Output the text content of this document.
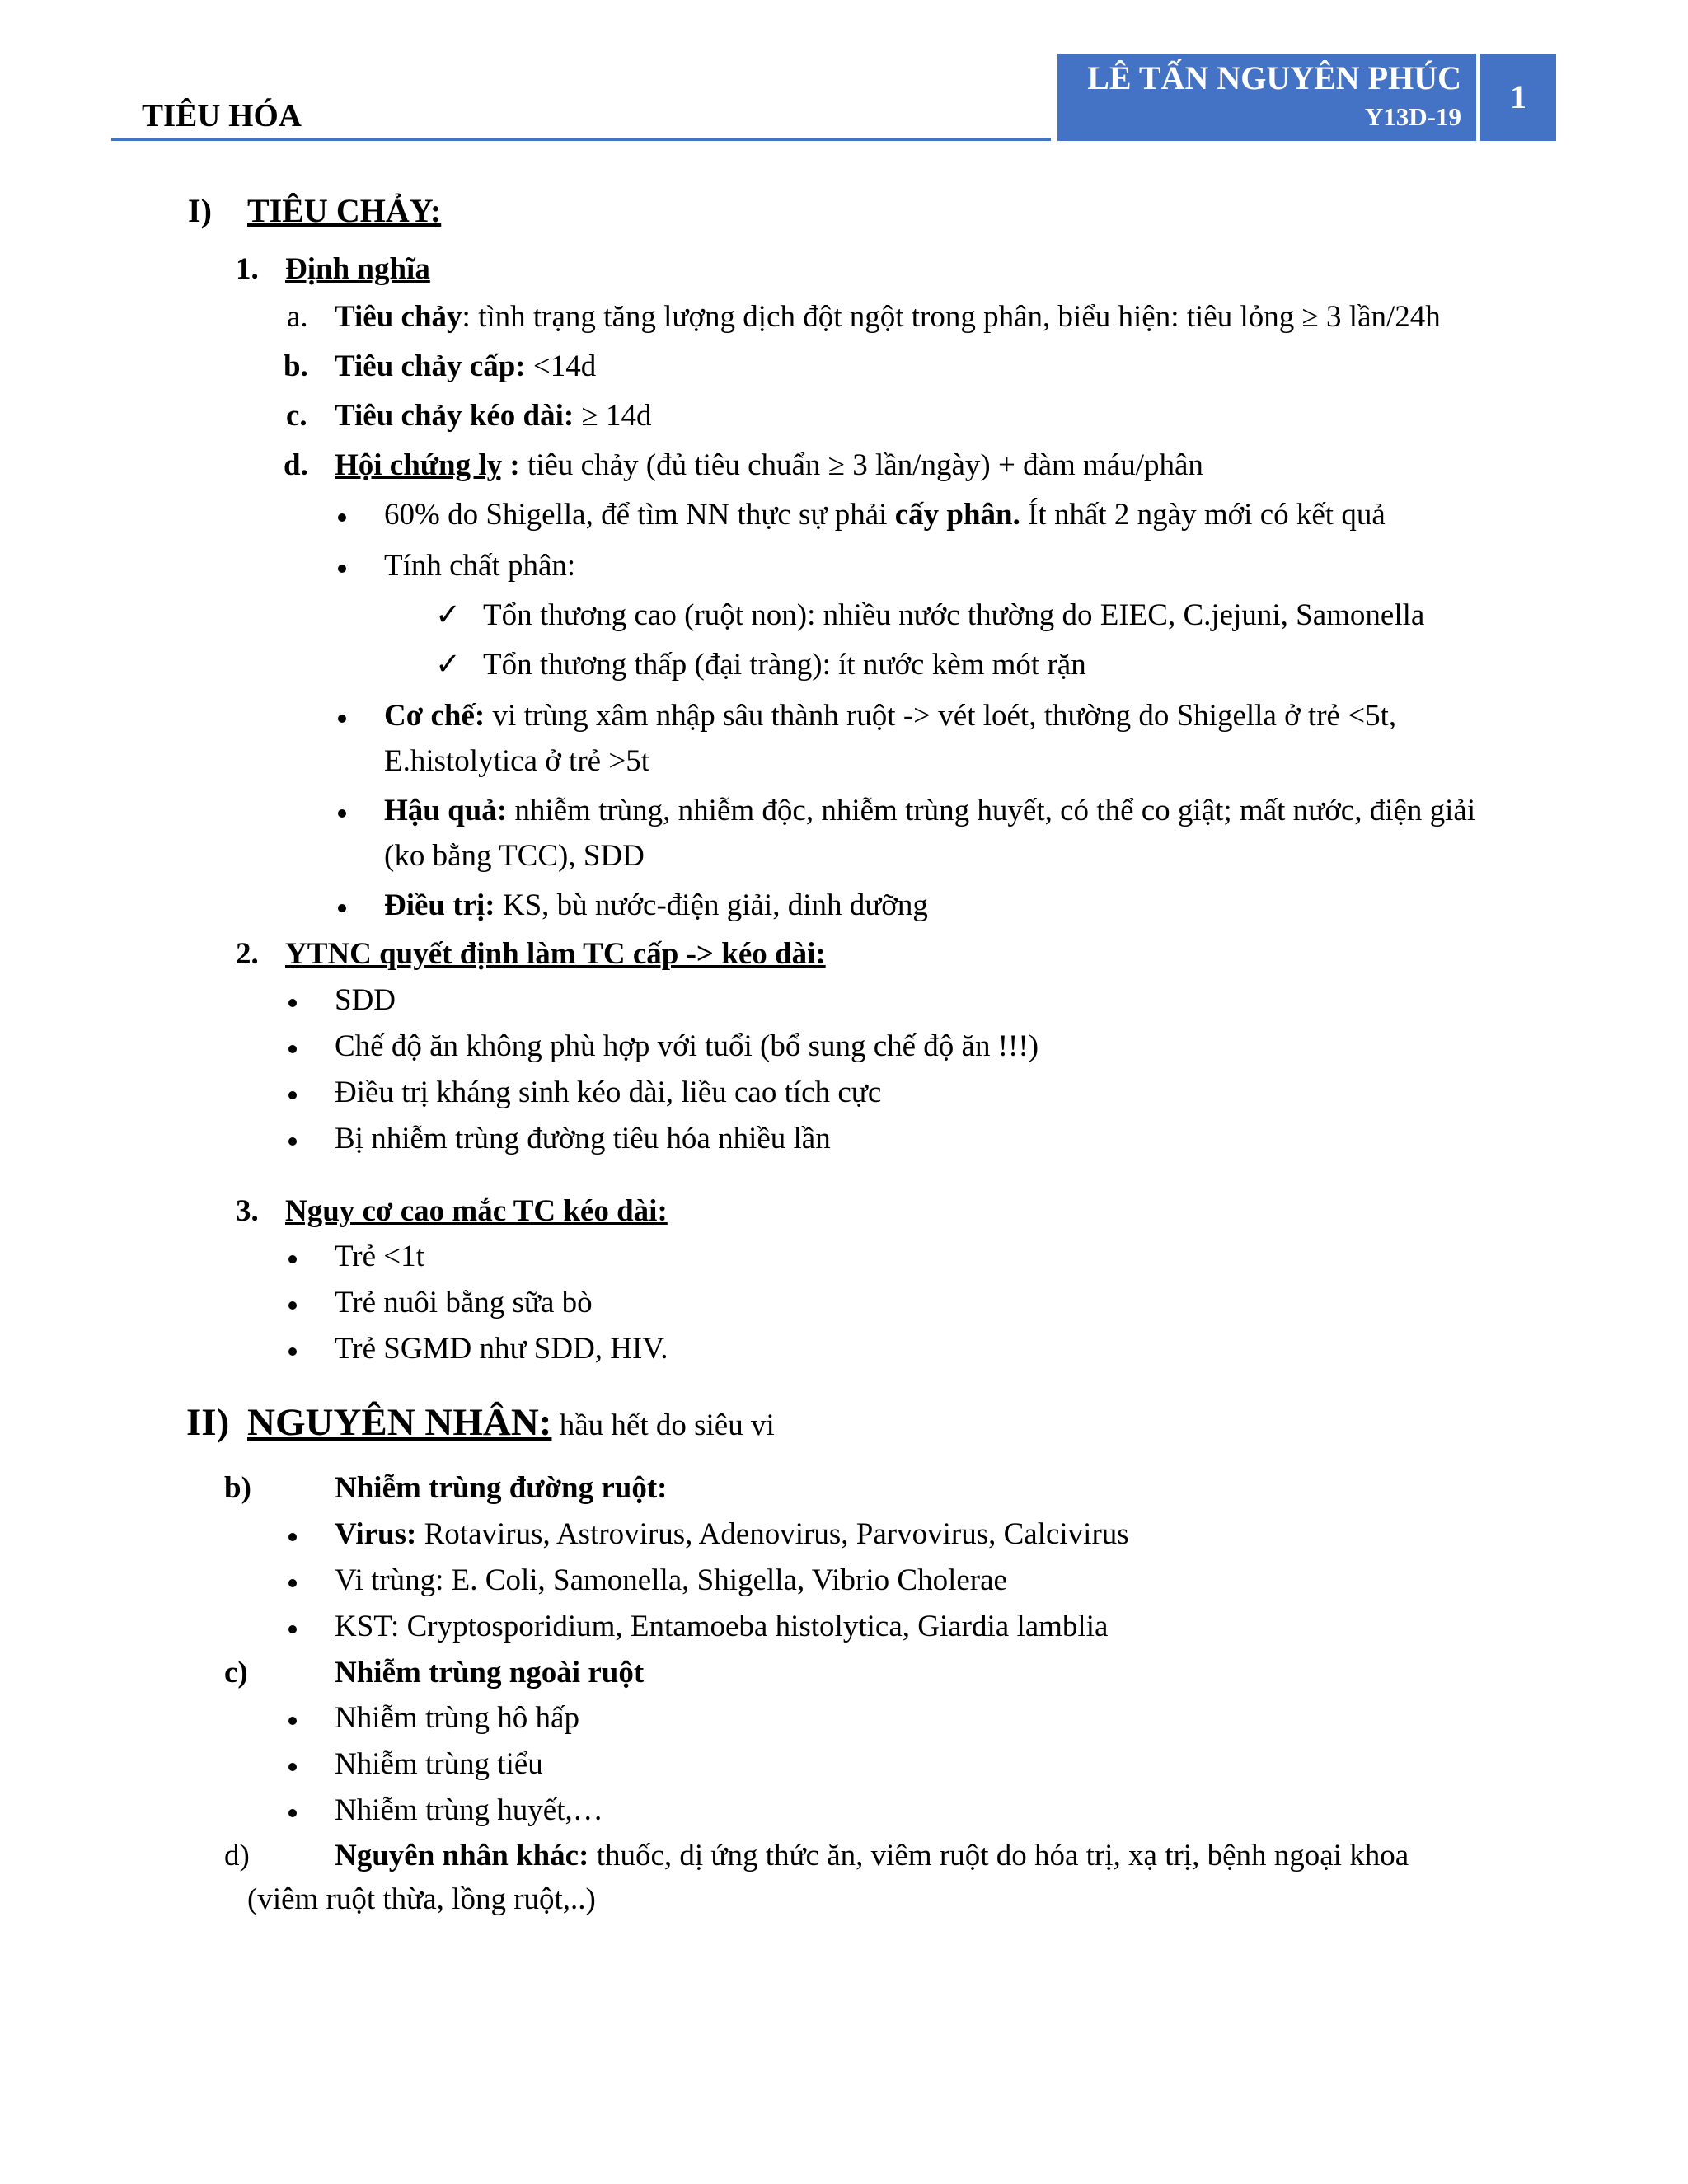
TIÊU HÓA
LÊ TẤN NGUYÊN PHÚC
Y13D-19
1
I) TIÊU CHẢY:
1. Định nghĩa
a. Tiêu chảy: tình trạng tăng lượng dịch đột ngột trong phân, biểu hiện: tiêu lỏng ≥ 3 lần/24h
b. Tiêu chảy cấp: <14d
c. Tiêu chảy kéo dài: ≥ 14d
d. Hội chứng lỵ : tiêu chảy (đủ tiêu chuẩn ≥ 3 lần/ngày) + đàm máu/phân
60% do Shigella, để tìm NN thực sự phải cấy phân. Ít nhất 2 ngày mới có kết quả
Tính chất phân:
✓ Tổn thương cao (ruột non): nhiều nước thường do EIEC, C.jejuni, Samonella
✓ Tổn thương thấp (đại tràng): ít nước kèm mót rặn
Cơ chế: vi trùng xâm nhập sâu thành ruột -> vét loét, thường do Shigella ở trẻ <5t,
E.histolytica ở trẻ >5t
Hậu quả: nhiễm trùng, nhiễm độc, nhiễm trùng huyết, có thể co giật; mất nước, điện giải
(ko bằng TCC), SDD
Điều trị: KS, bù nước-điện giải, dinh dưỡng
2. YTNC quyết định làm TC cấp -> kéo dài:
SDD
Chế độ ăn không phù hợp với tuổi (bổ sung chế độ ăn !!!)
Điều trị kháng sinh kéo dài, liều cao tích cực
Bị nhiễm trùng đường tiêu hóa nhiều lần
3. Nguy cơ cao mắc TC kéo dài:
Trẻ <1t
Trẻ nuôi bằng sữa bò
Trẻ SGMD như SDD, HIV.
II) NGUYÊN NHÂN: hầu hết do siêu vi
b)	Nhiễm trùng đường ruột:
Virus: Rotavirus, Astrovirus, Adenovirus, Parvovirus, Calcivirus
Vi trùng: E. Coli, Samonella, Shigella, Vibrio Cholerae
KST: Cryptosporidium, Entamoeba histolytica, Giardia lamblia
c)	Nhiễm trùng ngoài ruột
Nhiễm trùng hô hấp
Nhiễm trùng tiểu
Nhiễm trùng huyết,…
d)	Nguyên nhân khác: thuốc, dị ứng thức ăn, viêm ruột do hóa trị, xạ trị, bệnh ngoại khoa
(viêm ruột thừa, lồng ruột,..)
